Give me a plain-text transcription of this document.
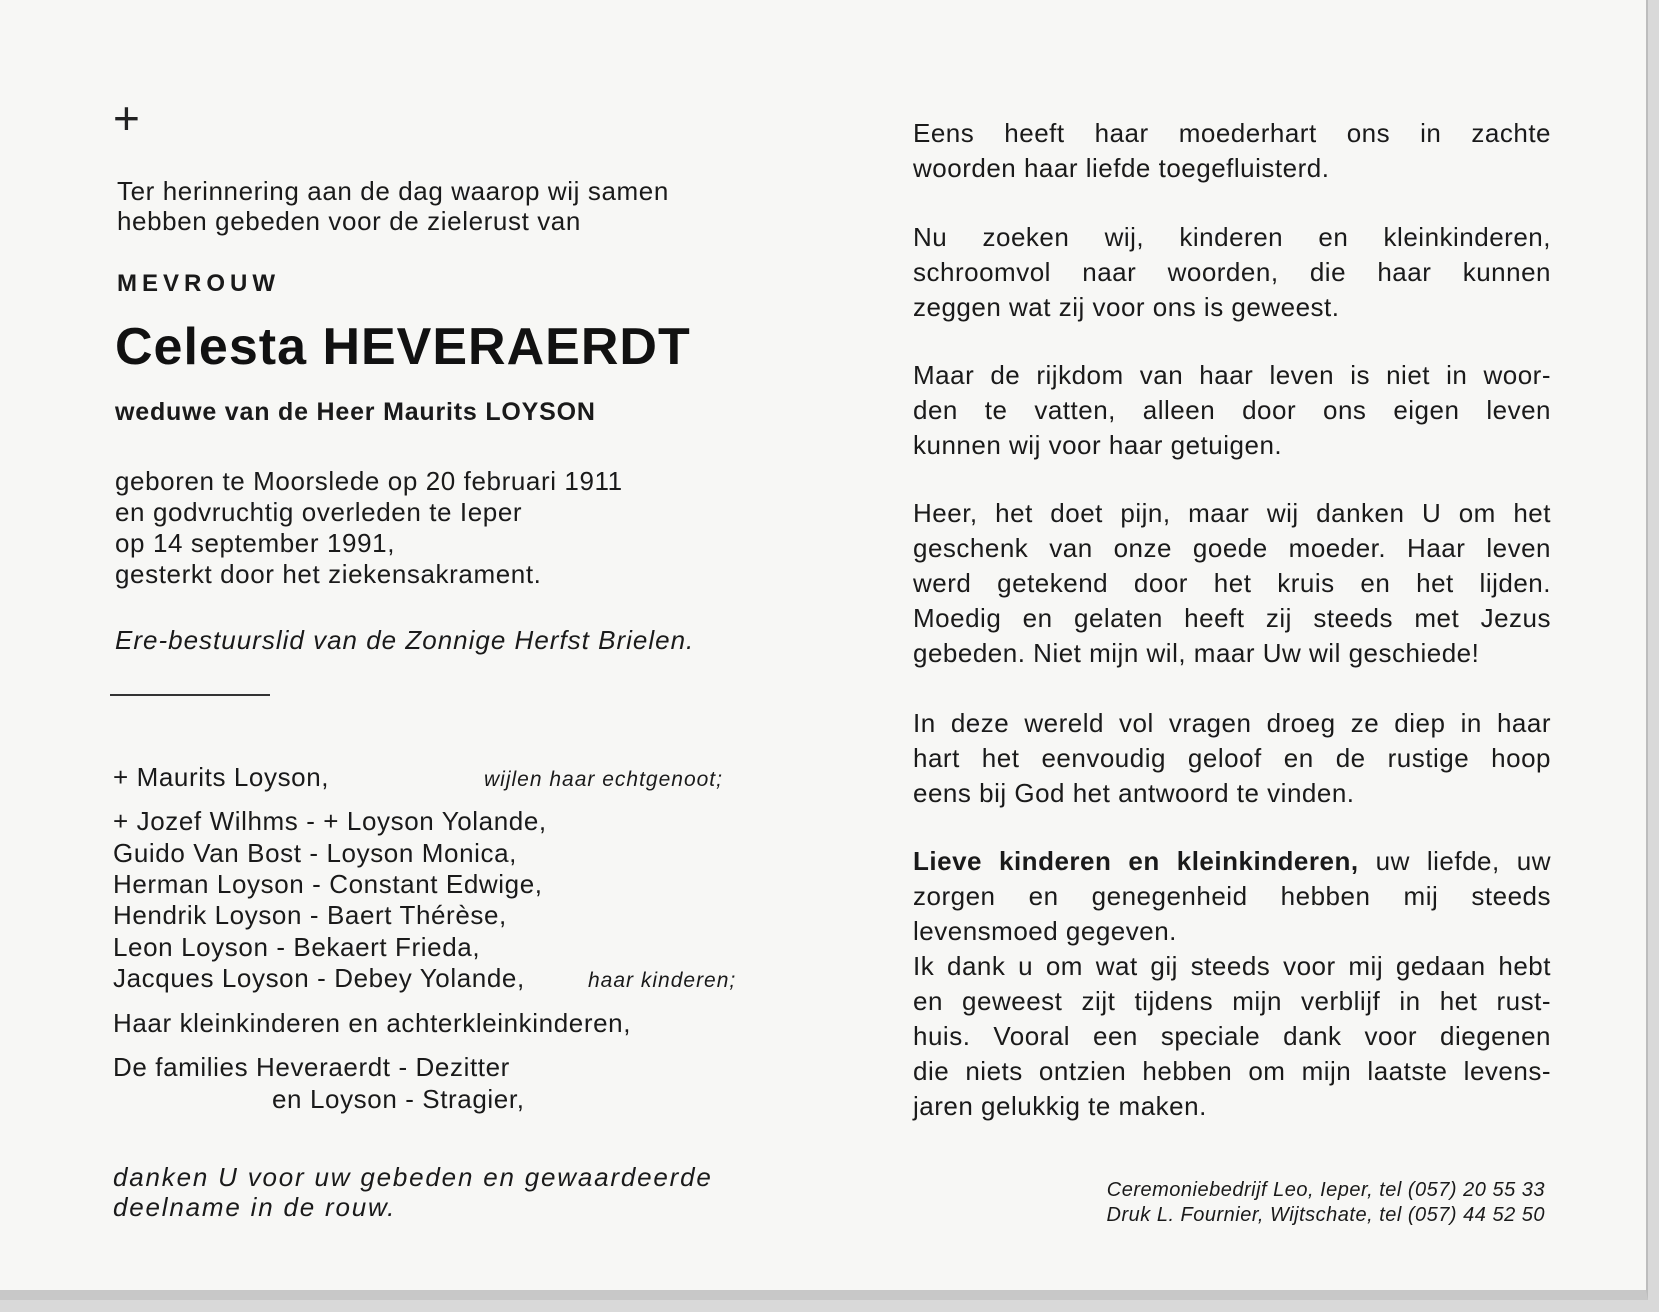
+
Ter herinnering aan de dag waarop wij samen
hebben gebeden voor de zielerust van
MEVROUW
Celesta HEVERAERDT
weduwe van de Heer Maurits LOYSON
geboren te Moorslede op 20 februari 1911
en godvruchtig overleden te Ieper
op 14 september 1991,
gesterkt door het ziekensakrament.
Ere-bestuurslid van de Zonnige Herfst Brielen.
+ Maurits Loyson,	wijlen haar echtgenoot;
+ Jozef Wilhms - + Loyson Yolande,
Guido Van Bost - Loyson Monica,
Herman Loyson - Constant Edwige,
Hendrik Loyson - Baert Thérèse,
Leon Loyson - Bekaert Frieda,
Jacques Loyson - Debey Yolande,	haar kinderen;
Haar kleinkinderen en achterkleinkinderen,
De families Heveraerdt - Dezitter
en Loyson - Stragier,
danken U voor uw gebeden en gewaardeerde
deelname in de rouw.
Eens heeft haar moederhart ons in zachte
woorden haar liefde toegefluisterd.
Nu zoeken wij, kinderen en kleinkinderen,
schroomvol naar woorden, die haar kunnen
zeggen wat zij voor ons is geweest.
Maar de rijkdom van haar leven is niet in woor-
den te vatten, alleen door ons eigen leven
kunnen wij voor haar getuigen.
Heer, het doet pijn, maar wij danken U om het
geschenk van onze goede moeder. Haar leven
werd getekend door het kruis en het lijden.
Moedig en gelaten heeft zij steeds met Jezus
gebeden. Niet mijn wil, maar Uw wil geschiede!
In deze wereld vol vragen droeg ze diep in haar
hart het eenvoudig geloof en de rustige hoop
eens bij God het antwoord te vinden.
Lieve kinderen en kleinkinderen, uw liefde, uw
zorgen en genegenheid hebben mij steeds
levensmoed gegeven.
Ik dank u om wat gij steeds voor mij gedaan hebt
en geweest zijt tijdens mijn verblijf in het rust-
huis. Vooral een speciale dank voor diegenen
die niets ontzien hebben om mijn laatste levens-
jaren gelukkig te maken.
Ceremoniebedrijf Leo, Ieper, tel (057) 20 55 33
Druk L. Fournier, Wijtschate, tel (057) 44 52 50
